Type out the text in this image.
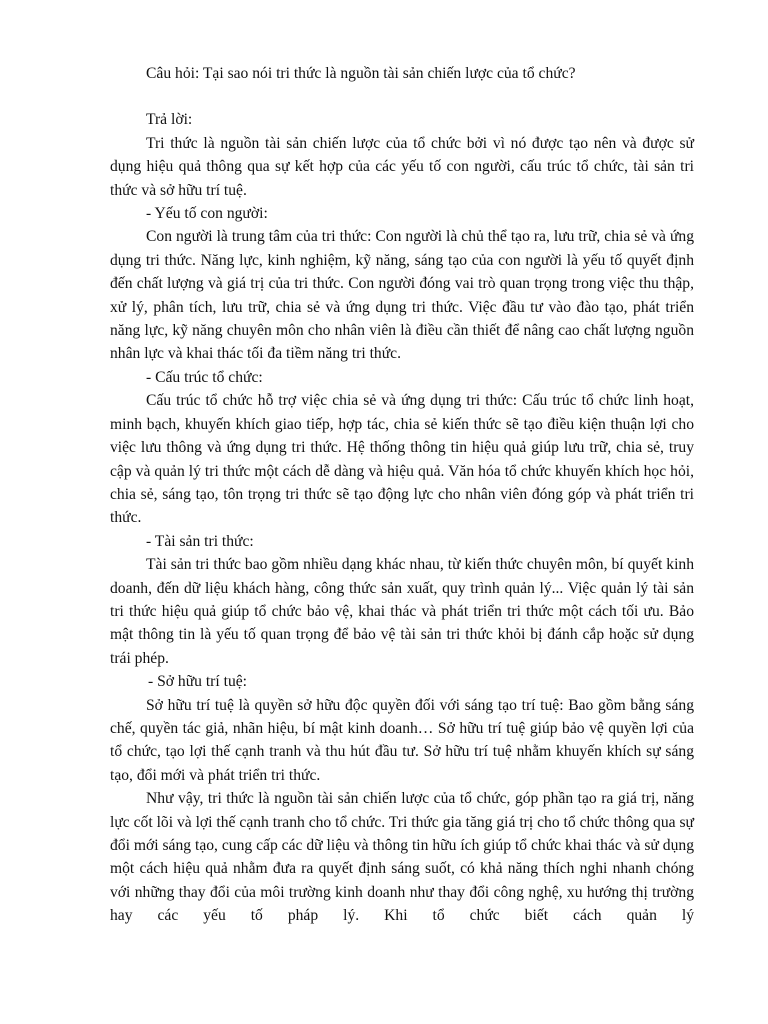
Câu hỏi: Tại sao nói tri thức là nguồn tài sản chiến lược của tổ chức?

Trả lời:

Tri thức là nguồn tài sản chiến lược của tổ chức bởi vì nó được tạo nên và được sử dụng hiệu quả thông qua sự kết hợp của các yếu tố con người, cấu trúc tổ chức, tài sản tri thức và sở hữu trí tuệ.

- Yếu tố con người:

Con người là trung tâm của tri thức: Con người là chủ thể tạo ra, lưu trữ, chia sẻ và ứng dụng tri thức. Năng lực, kinh nghiệm, kỹ năng, sáng tạo của con người là yếu tố quyết định đến chất lượng và giá trị của tri thức. Con người đóng vai trò quan trọng trong việc thu thập, xử lý, phân tích, lưu trữ, chia sẻ và ứng dụng tri thức. Việc đầu tư vào đào tạo, phát triển năng lực, kỹ năng chuyên môn cho nhân viên là điều cần thiết để nâng cao chất lượng nguồn nhân lực và khai thác tối đa tiềm năng tri thức.

- Cấu trúc tổ chức:

Cấu trúc tổ chức hỗ trợ việc chia sẻ và ứng dụng tri thức: Cấu trúc tổ chức linh hoạt, minh bạch, khuyến khích giao tiếp, hợp tác, chia sẻ kiến thức sẽ tạo điều kiện thuận lợi cho việc lưu thông và ứng dụng tri thức. Hệ thống thông tin hiệu quả giúp lưu trữ, chia sẻ, truy cập và quản lý tri thức một cách dễ dàng và hiệu quả. Văn hóa tổ chức khuyến khích học hỏi, chia sẻ, sáng tạo, tôn trọng tri thức sẽ tạo động lực cho nhân viên đóng góp và phát triển tri thức.

- Tài sản tri thức:

Tài sản tri thức bao gồm nhiều dạng khác nhau, từ kiến thức chuyên môn, bí quyết kinh doanh, đến dữ liệu khách hàng, công thức sản xuất, quy trình quản lý... Việc quản lý tài sản tri thức hiệu quả giúp tổ chức bảo vệ, khai thác và phát triển tri thức một cách tối ưu. Bảo mật thông tin là yếu tố quan trọng để bảo vệ tài sản tri thức khỏi bị đánh cắp hoặc sử dụng trái phép.

- Sở hữu trí tuệ:

Sở hữu trí tuệ là quyền sở hữu độc quyền đối với sáng tạo trí tuệ: Bao gồm bằng sáng chế, quyền tác giả, nhãn hiệu, bí mật kinh doanh… Sở hữu trí tuệ giúp bảo vệ quyền lợi của tổ chức, tạo lợi thế cạnh tranh và thu hút đầu tư. Sở hữu trí tuệ nhằm khuyến khích sự sáng tạo, đổi mới và phát triển tri thức.

Như vậy, tri thức là nguồn tài sản chiến lược của tổ chức, góp phần tạo ra giá trị, năng lực cốt lõi và lợi thế cạnh tranh cho tổ chức. Tri thức gia tăng giá trị cho tổ chức thông qua sự đổi mới sáng tạo, cung cấp các dữ liệu và thông tin hữu ích giúp tổ chức khai thác và sử dụng một cách hiệu quả nhằm đưa ra quyết định sáng suốt, có khả năng thích nghi nhanh chóng với những thay đổi của môi trường kinh doanh như thay đổi công nghệ, xu hướng thị trường hay các yếu tố pháp lý. Khi tổ chức biết cách quản lý
